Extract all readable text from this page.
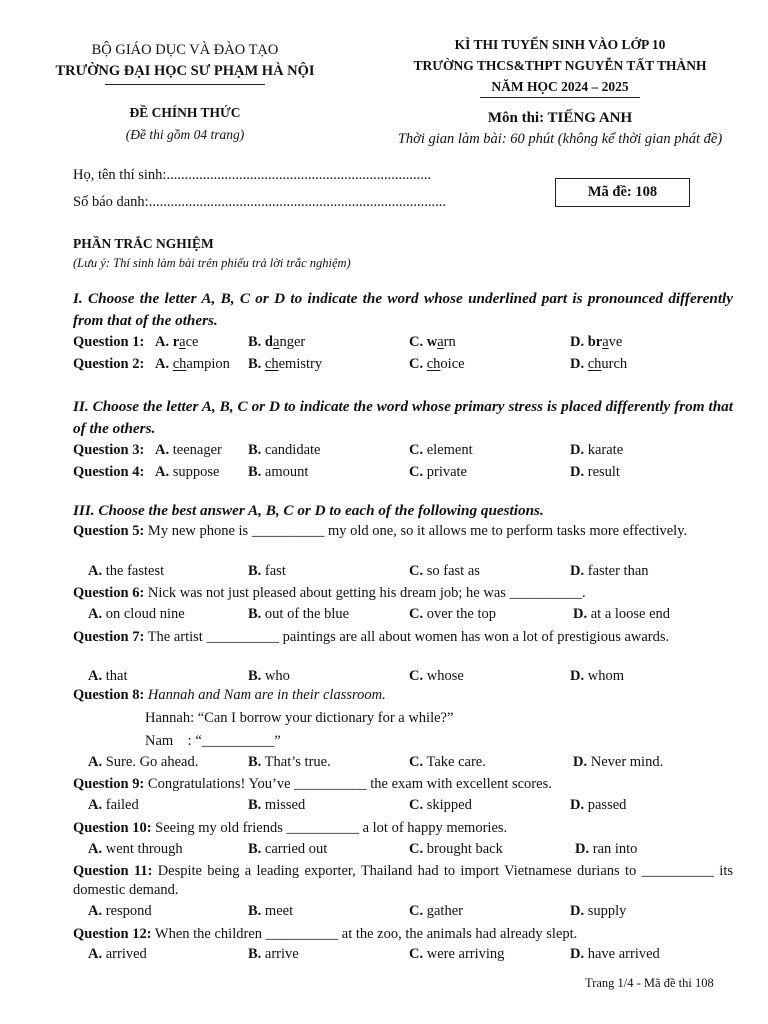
BỘ GIÁO DỤC VÀ ĐÀO TẠO
TRƯỜNG ĐẠI HỌC SƯ PHẠM HÀ NỘI
ĐỀ CHÍNH THỨC
(Đề thi gồm 04 trang)
KÌ THI TUYỂN SINH VÀO LỚP 10
TRƯỜNG THCS&THPT NGUYỄN TẤT THÀNH
NĂM HỌC 2024 – 2025
Môn thi: TIẾNG ANH
Thời gian làm bài: 60 phút (không kể thời gian phát đề)
Họ, tên thí sinh:.........................................................................
Số báo danh:..................................................................................
Mã đề: 108
PHẦN TRẮC NGHIỆM
(Lưu ý: Thí sinh làm bài trên phiếu trả lời trắc nghiệm)
I. Choose the letter A, B, C or D to indicate the word whose underlined part is pronounced differently from that of the others.
Question 1: A. race	B. danger	C. warn	D. brave
Question 2: A. champion B. chemistry	C. choice	D. church
II. Choose the letter A, B, C or D to indicate the word whose primary stress is placed differently from that of the others.
Question 3: A. teenager B. candidate	C. element	D. karate
Question 4: A. suppose B. amount	C. private	D. result
III. Choose the best answer A, B, C or D to each of the following questions.
Question 5: My new phone is __________ my old one, so it allows me to perform tasks more effectively.
A. the fastest	B. fast	C. so fast as	D. faster than
Question 6: Nick was not just pleased about getting his dream job; he was __________.
A. on cloud nine	B. out of the blue	C. over the top	D. at a loose end
Question 7: The artist __________ paintings are all about women has won a lot of prestigious awards.
A. that	B. who	C. whose	D. whom
Question 8: Hannah and Nam are in their classroom.
Hannah: “Can I borrow your dictionary for a while?”
Nam    : “__________”
A. Sure. Go ahead.	B. That’s true.	C. Take care.	D. Never mind.
Question 9: Congratulations! You’ve __________ the exam with excellent scores.
A. failed	B. missed	C. skipped	D. passed
Question 10: Seeing my old friends __________ a lot of happy memories.
A. went through	B. carried out	C. brought back	D. ran into
Question 11: Despite being a leading exporter, Thailand had to import Vietnamese durians to __________ its domestic demand.
A. respond	B. meet	C. gather	D. supply
Question 12: When the children __________ at the zoo, the animals had already slept.
A. arrived	B. arrive	C. were arriving	D. have arrived
Trang 1/4 - Mã đề thi 108
